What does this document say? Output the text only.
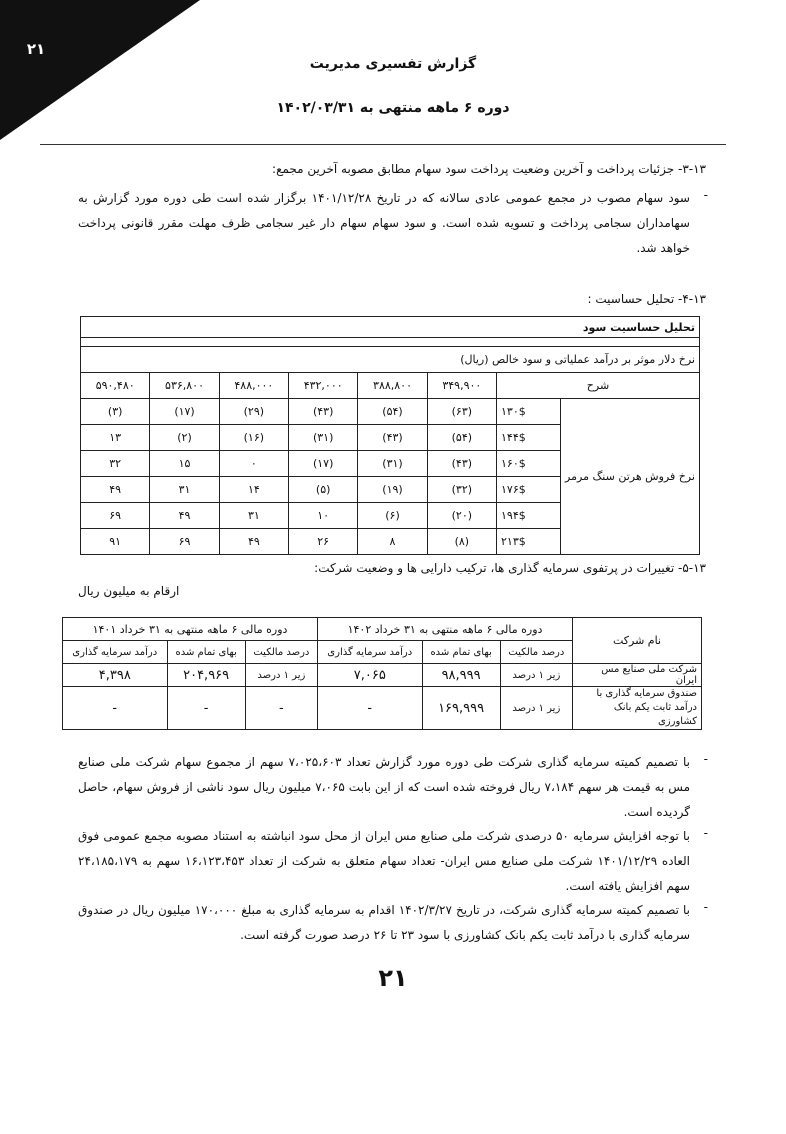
۲۱
گزارش تفسیری مدیریت
دوره ۶ ماهه منتهی به ۱۴۰۲/۰۳/۳۱
۳-۱۳- جزئیات پرداخت و آخرین وضعیت پرداخت سود سهام مطابق مصوبه آخرین مجمع:
-
سود سهام مصوب در مجمع عمومی عادی سالانه که در تاریخ ۱۴۰۱/۱۲/۲۸ برگزار شده است طی دوره مورد گزارش به سهامداران سجامی پرداخت و تسویه شده است. و سود سهام سهام دار غیر سجامی ظرف مهلت مقرر قانونی پرداخت خواهد شد.
۴-۱۳- تحلیل حساسیت :
تحلیل حساسیت سود							

نرخ دلار موثر بر درآمد عملیاتی و سود خالص (ریال)							
شرح		۳۴۹,۹۰۰	۳۸۸,۸۰۰	۴۳۲,۰۰۰	۴۸۸,۰۰۰	۵۳۶,۸۰۰	۵۹۰,۴۸۰
نرخ فروش هرتن سنگ مرمر	۱۳۰$	(۶۳)	(۵۴)	(۴۳)	(۲۹)	(۱۷)	(۳)
	۱۴۴$	(۵۴)	(۴۳)	(۳۱)	(۱۶)	(۲)	۱۳
	۱۶۰$	(۴۳)	(۳۱)	(۱۷)	۰	۱۵	۳۲
	۱۷۶$	(۳۲)	(۱۹)	(۵)	۱۴	۳۱	۴۹
	۱۹۴$	(۲۰)	(۶)	۱۰	۳۱	۴۹	۶۹
	۲۱۳$	(۸)	۸	۲۶	۴۹	۶۹	۹۱
۵-۱۳- تغییرات در پرتفوی سرمایه گذاری ها، ترکیب دارایی ها و وضعیت شرکت:
ارقام به میلیون ریال
نام شرکت	دوره مالی ۶ ماهه منتهی به ۳۱ خرداد ۱۴۰۲			دوره مالی ۶ ماهه منتهی به ۳۱ خرداد ۱۴۰۱		
	درصد مالکیت	بهای تمام شده	درآمد سرمایه گذاری	درصد مالکیت	بهای تمام شده	درآمد سرمایه گذاری
شرکت ملی صنایع مس ایران	زیر ۱ درصد	۹۸,۹۹۹	۷,۰۶۵	زیر ۱ درصد	۲۰۴,۹۶۹	۴,۳۹۸
صندوق سرمایه گذاری با درآمد ثابت یکم بانک کشاورزی	زیر ۱ درصد	۱۶۹,۹۹۹	-	-	-	-
-
با تصمیم کمیته سرمایه گذاری شرکت طی دوره مورد گزارش تعداد ۷،۰۲۵،۶۰۳ سهم از مجموع سهام شرکت ملی صنایع مس به قیمت هر سهم ۷،۱۸۴ ریال فروخته شده است که از این بابت ۷،۰۶۵ میلیون ریال سود ناشی از فروش سهام، حاصل گردیده است.
-
با توجه افزایش سرمایه ۵۰ درصدی شرکت ملی صنایع مس ایران از محل سود انباشته به استناد مصوبه مجمع عمومی فوق العاده ۱۴۰۱/۱۲/۲۹ شرکت ملی صنایع مس ایران- تعداد سهام متعلق به شرکت از تعداد ۱۶،۱۲۳،۴۵۳ سهم به ۲۴،۱۸۵،۱۷۹ سهم افزایش یافته است.
-
با تصمیم کمیته سرمایه گذاری شرکت، در تاریخ ۱۴۰۲/۳/۲۷ اقدام به سرمایه گذاری به مبلغ ۱۷۰،۰۰۰ میلیون ریال در صندوق سرمایه گذاری با درآمد ثابت یکم بانک کشاورزی با سود ۲۳ تا ۲۶ درصد صورت گرفته است.
۲۱
